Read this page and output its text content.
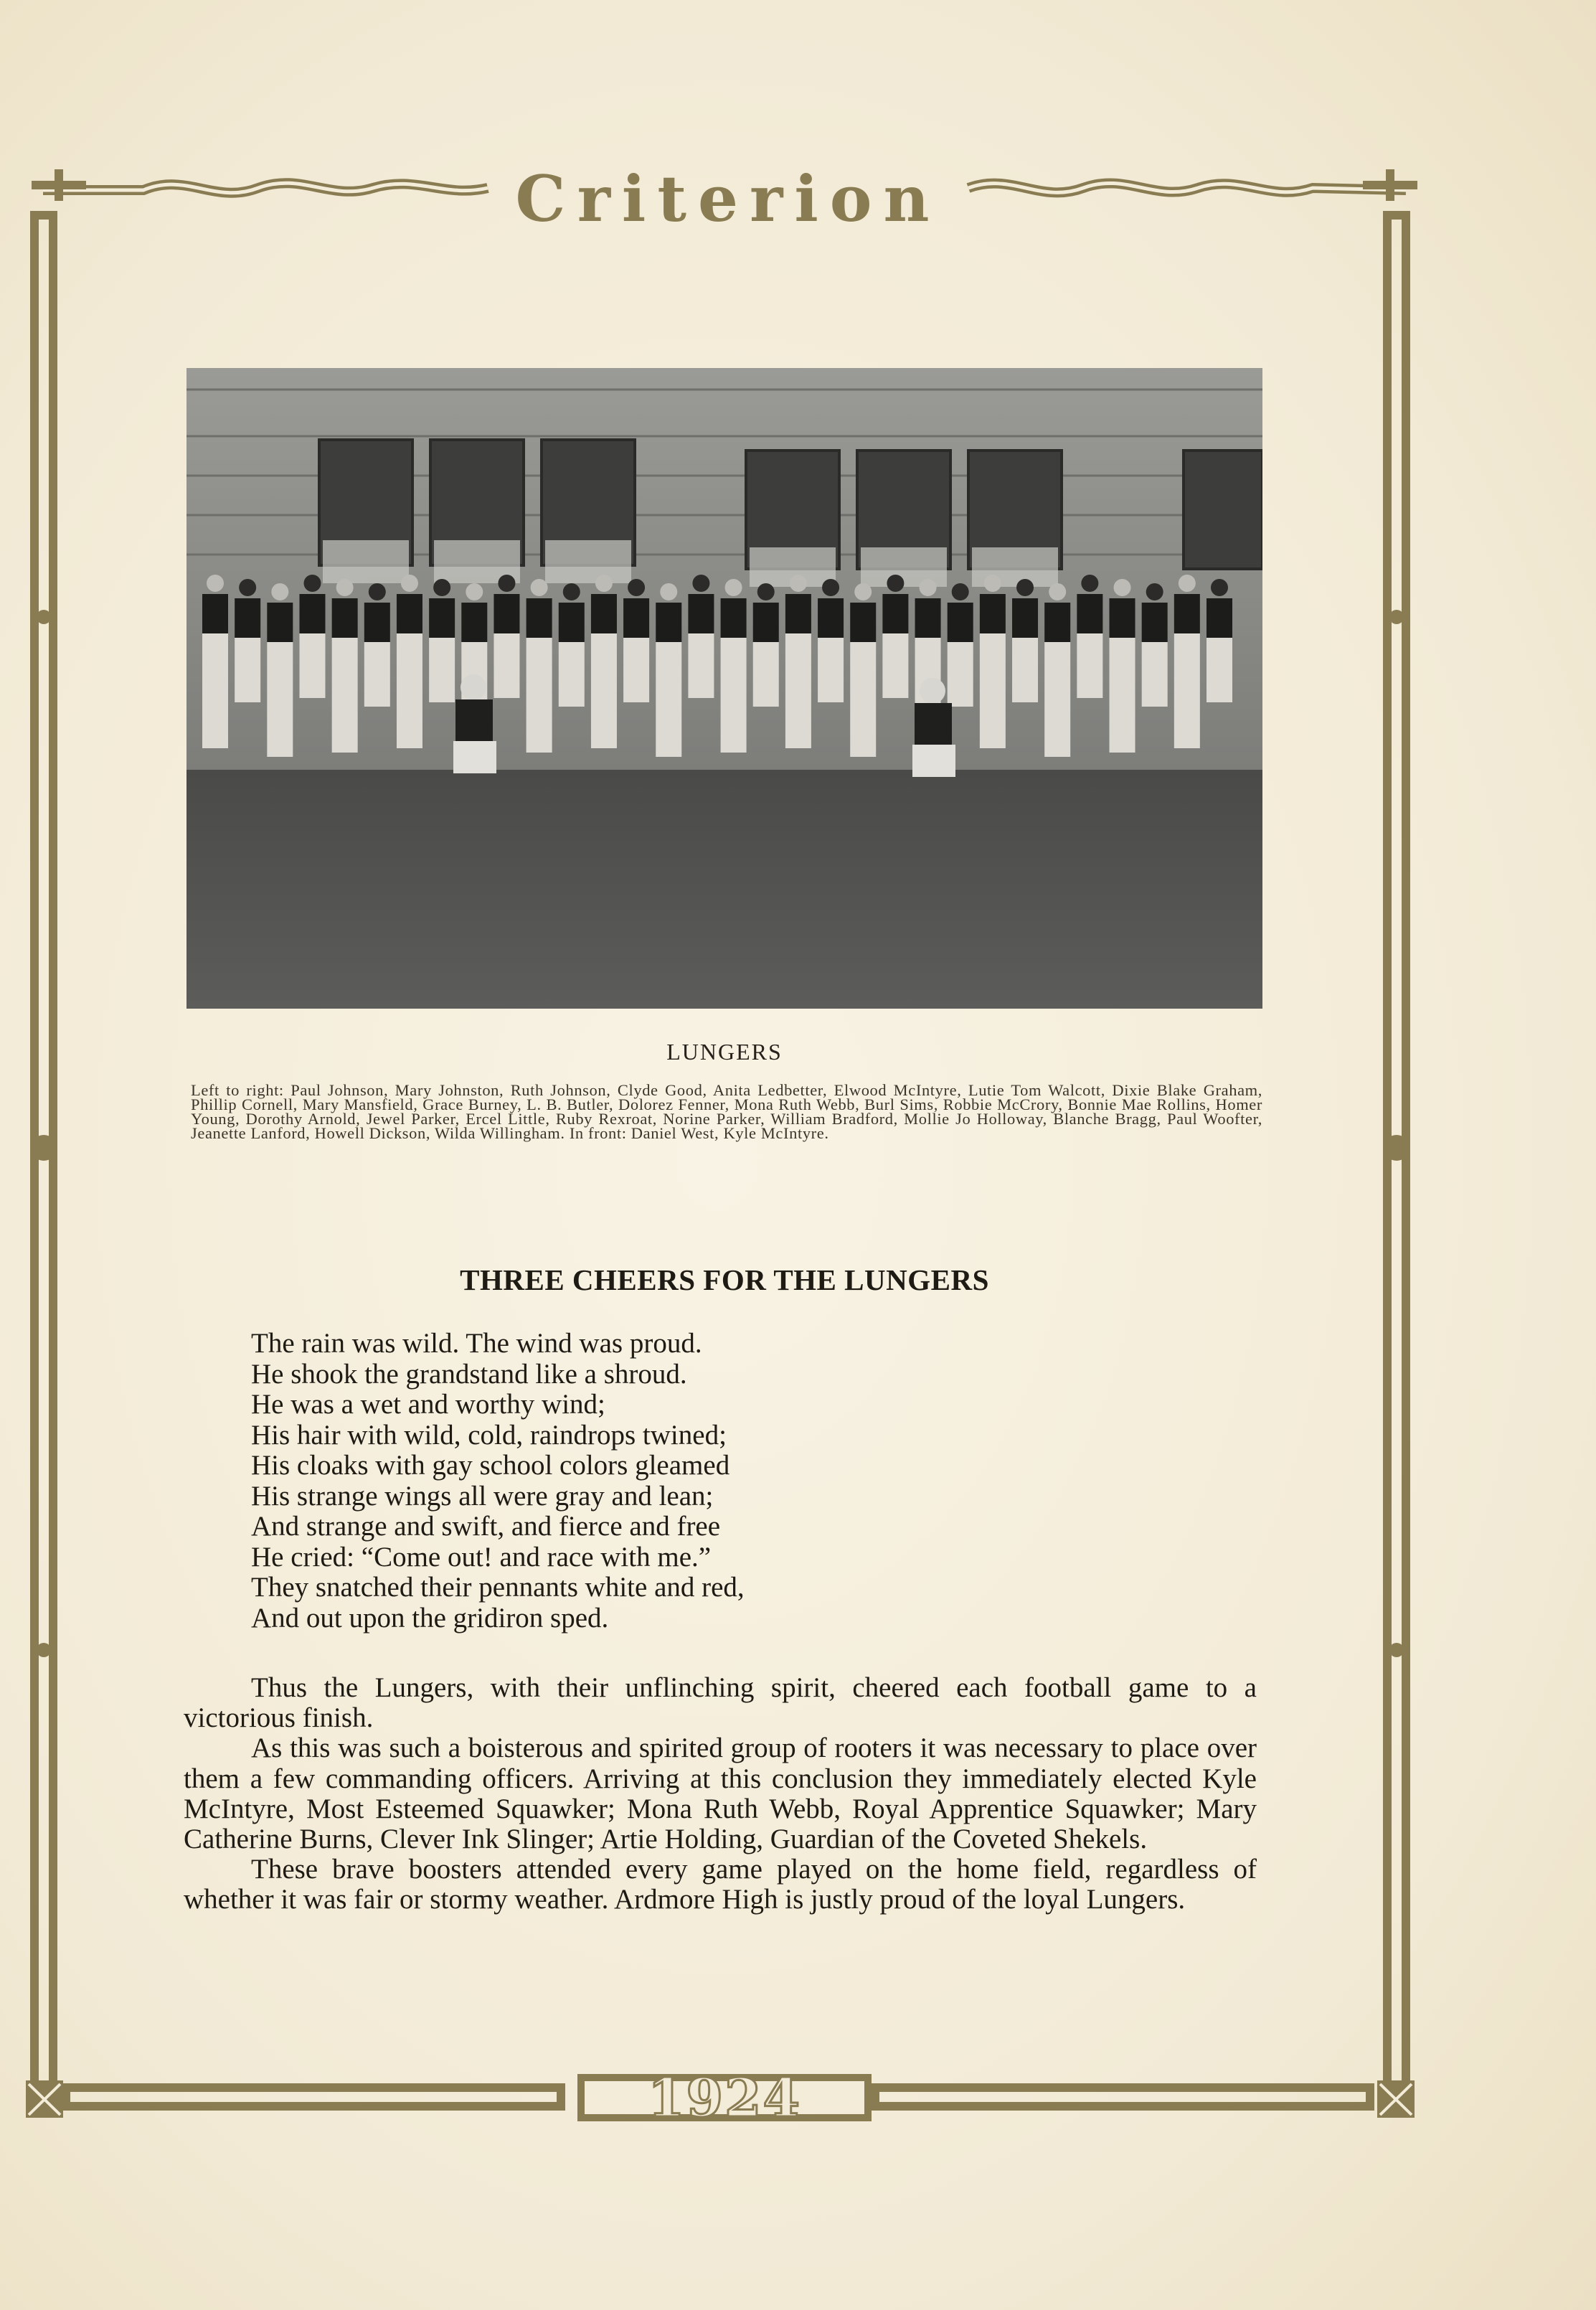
Criterion
LUNGERS
Left to right: Paul Johnson, Mary Johnston, Ruth Johnson, Clyde Good, Anita Ledbetter, Elwood McIntyre, Lutie Tom Walcott, Dixie Blake Graham, Phillip Cornell, Mary Mansfield, Grace Burney, L. B. Butler, Dolorez Fenner, Mona Ruth Webb, Burl Sims, Robbie McCrory, Bonnie Mae Rollins, Homer Young, Dorothy Arnold, Jewel Parker, Ercel Little, Ruby Rexroat, Norine Parker, William Bradford, Mollie Jo Holloway, Blanche Bragg, Paul Woofter, Jeanette Lanford, Howell Dickson, Wilda Willingham. In front: Daniel West, Kyle McIntyre.
THREE CHEERS FOR THE LUNGERS
The rain was wild. The wind was proud.
He shook the grandstand like a shroud.
He was a wet and worthy wind;
His hair with wild, cold, raindrops twined;
His cloaks with gay school colors gleamed
His strange wings all were gray and lean;
And strange and swift, and fierce and free
He cried: “Come out! and race with me.”
They snatched their pennants white and red,
And out upon the gridiron sped.

Thus the Lungers, with their unflinching spirit, cheered each football game to a victorious finish.

As this was such a boisterous and spirited group of rooters it was necessary to place over them a few commanding officers. Arriving at this conclusion they immediately elected Kyle McIntyre, Most Esteemed Squawker; Mona Ruth Webb, Royal Apprentice Squawker; Mary Catherine Burns, Clever Ink Slinger; Artie Holding, Guardian of the Coveted Shekels.

These brave boosters attended every game played on the home field, regardless of whether it was fair or stormy weather. Ardmore High is justly proud of the loyal Lungers.

1924
